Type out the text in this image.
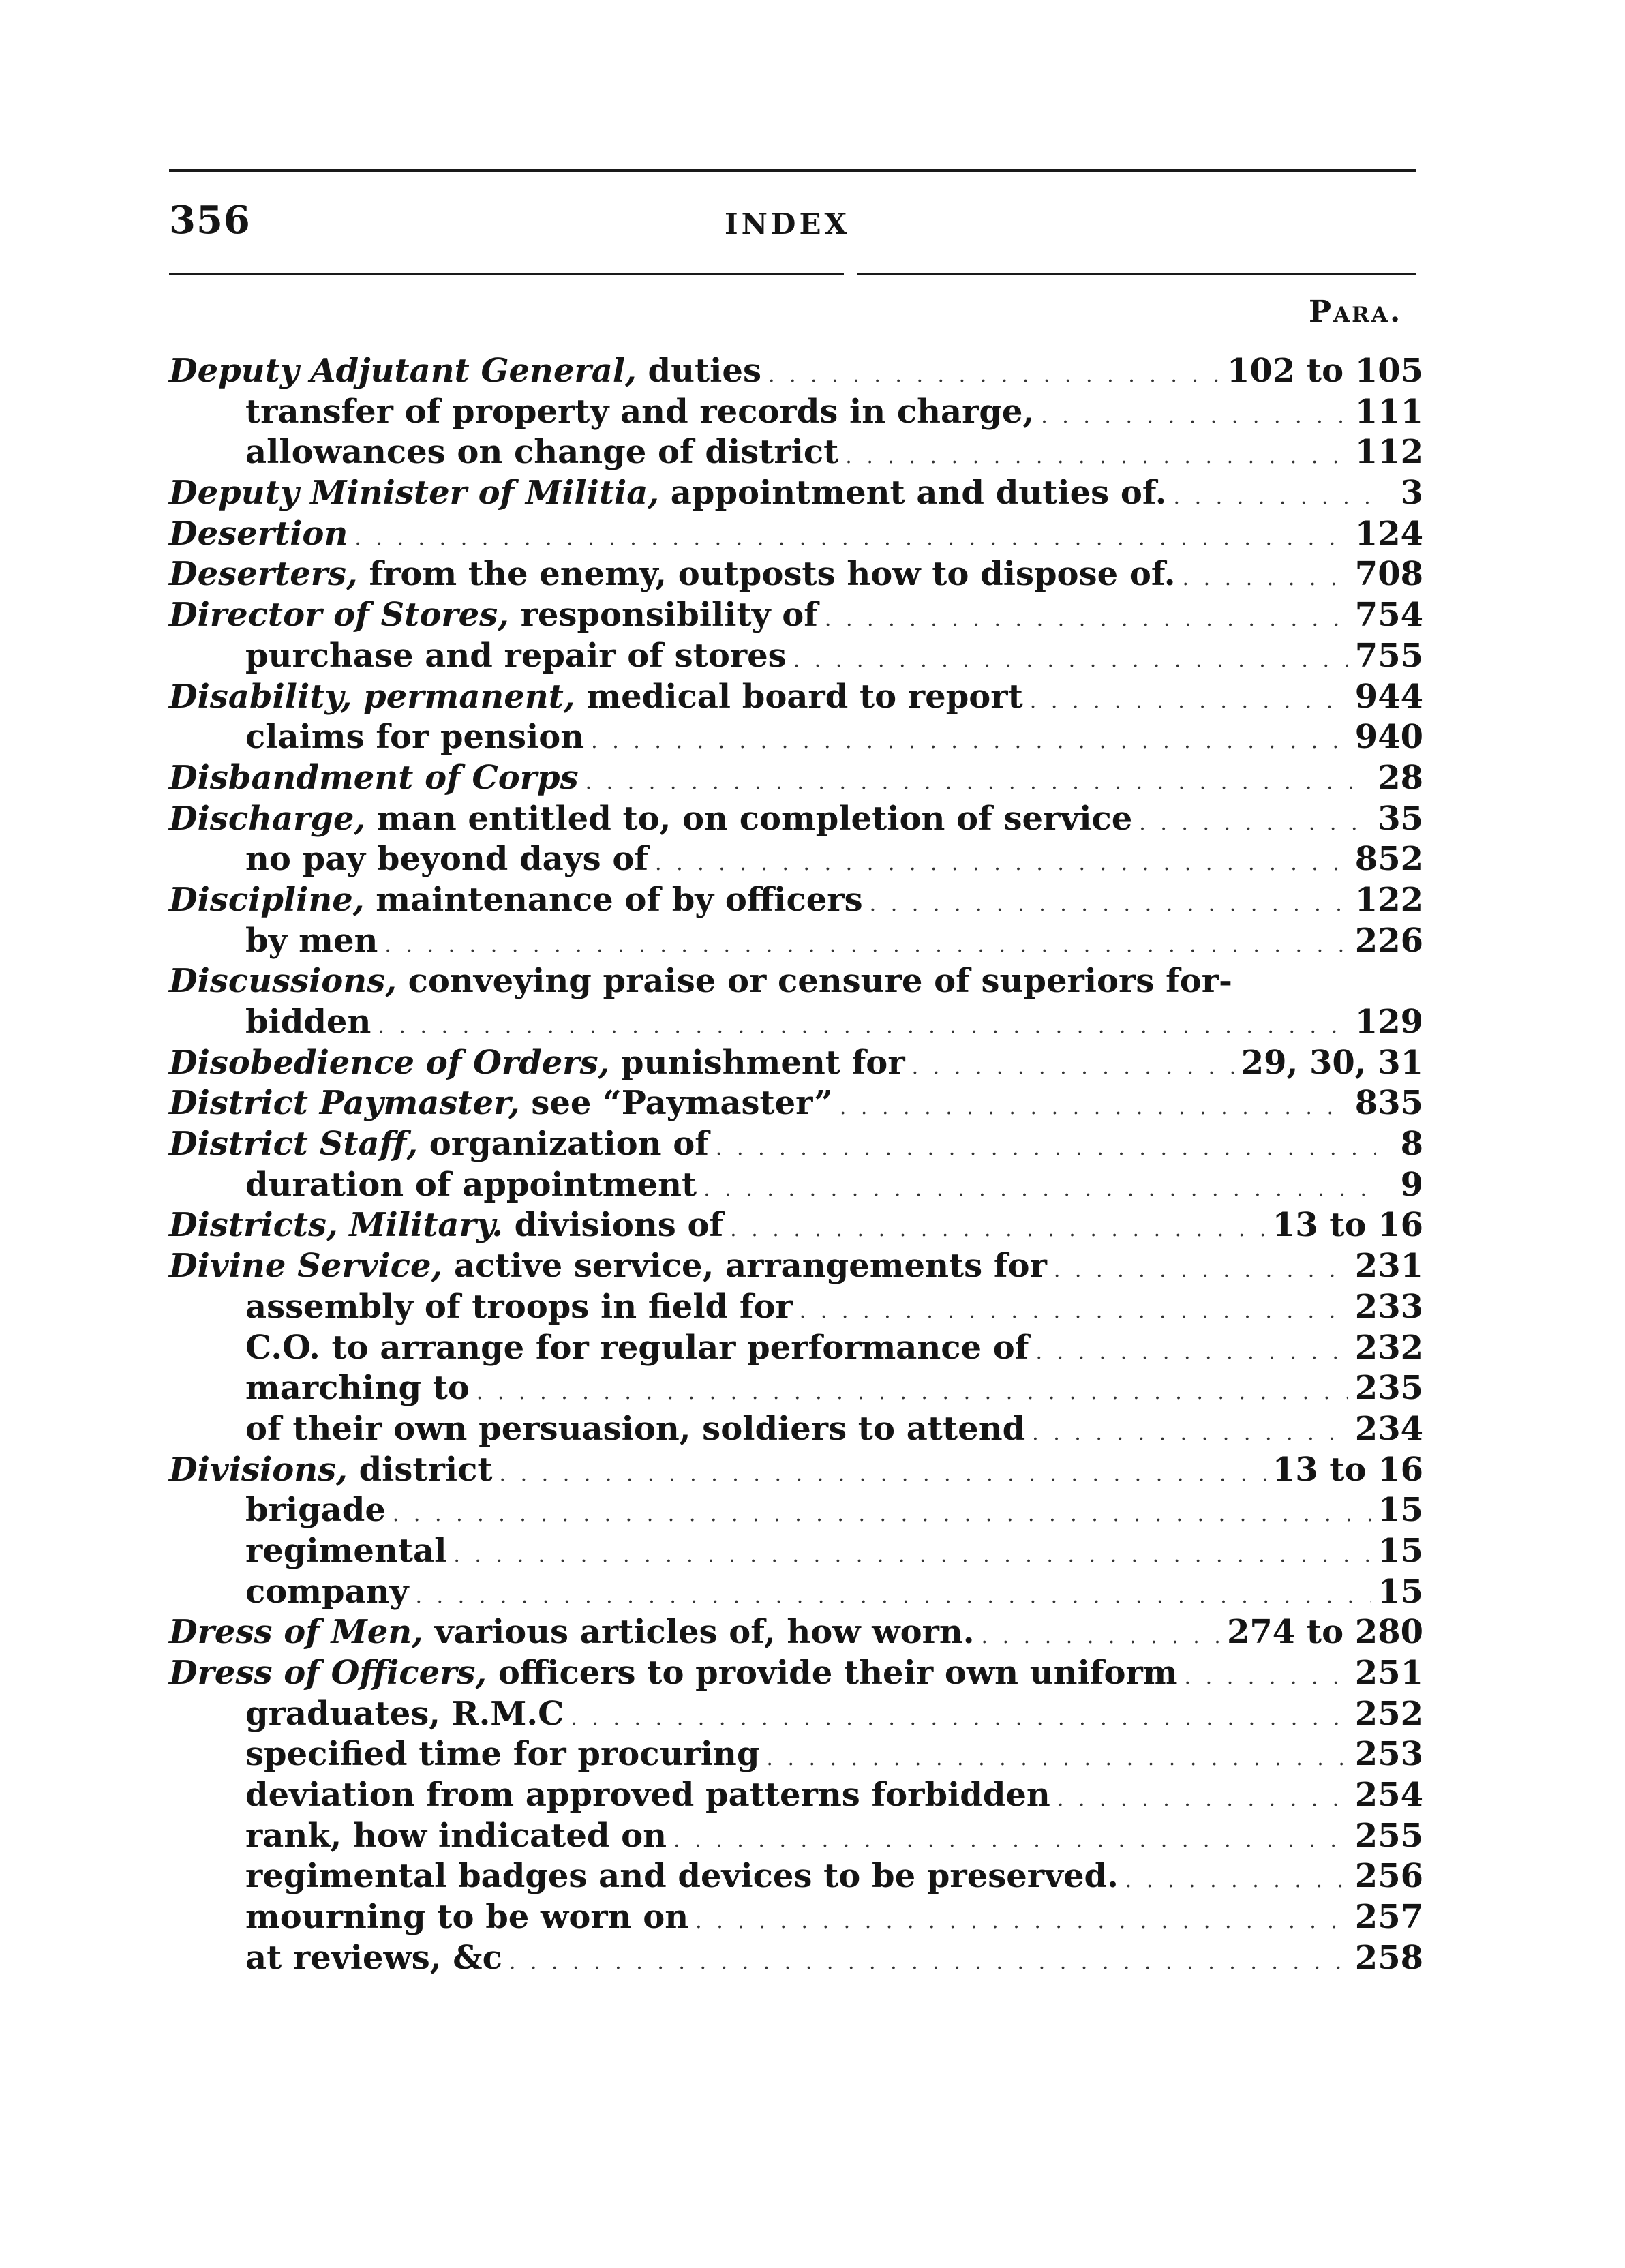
356	INDEX
Para.
Deputy Adjutant General, duties . . .	102 to 105
transfer of property and records in charge, . . .	111
allowances on change of district . . .	112
Deputy Minister of Militia, appointment and duties of. . . .	3
Desertion . . .	124
Deserters, from the enemy, outposts how to dispose of. . . .	708
Director of Stores, responsibility of . . .	754
purchase and repair of stores . . .	755
Disability, permanent, medical board to report . . .	944
claims for pension . . .	940
Disbandment of Corps . . .	28
Discharge, man entitled to, on completion of service . . .	35
no pay beyond days of . . .	852
Discipline, maintenance of by officers . . .	122
by men . . .	226
Discussions, conveying praise or censure of superiors for-
bidden . . .	129
Disobedience of Orders, punishment for . . .	29, 30, 31
District Paymaster, see “Paymaster” . . .	835
District Staff, organization of . . .	8
duration of appointment . . .	9
Districts, Military. divisions of . . .	13 to 16
Divine Service, active service, arrangements for . . .	231
assembly of troops in field for . . .	233
C.O. to arrange for regular performance of . . .	232
marching to . . .	235
of their own persuasion, soldiers to attend . . .	234
Divisions, district . . .	13 to 16
brigade . . .	15
regimental . . .	15
company . . .	15
Dress of Men, various articles of, how worn. . . .	274 to 280
Dress of Officers, officers to provide their own uniform . . .	251
graduates, R.M.C . . .	252
specified time for procuring . . .	253
deviation from approved patterns forbidden . . .	254
rank, how indicated on . . .	255
regimental badges and devices to be preserved. . . .	256
mourning to be worn on . . .	257
at reviews, &c . . .	258
